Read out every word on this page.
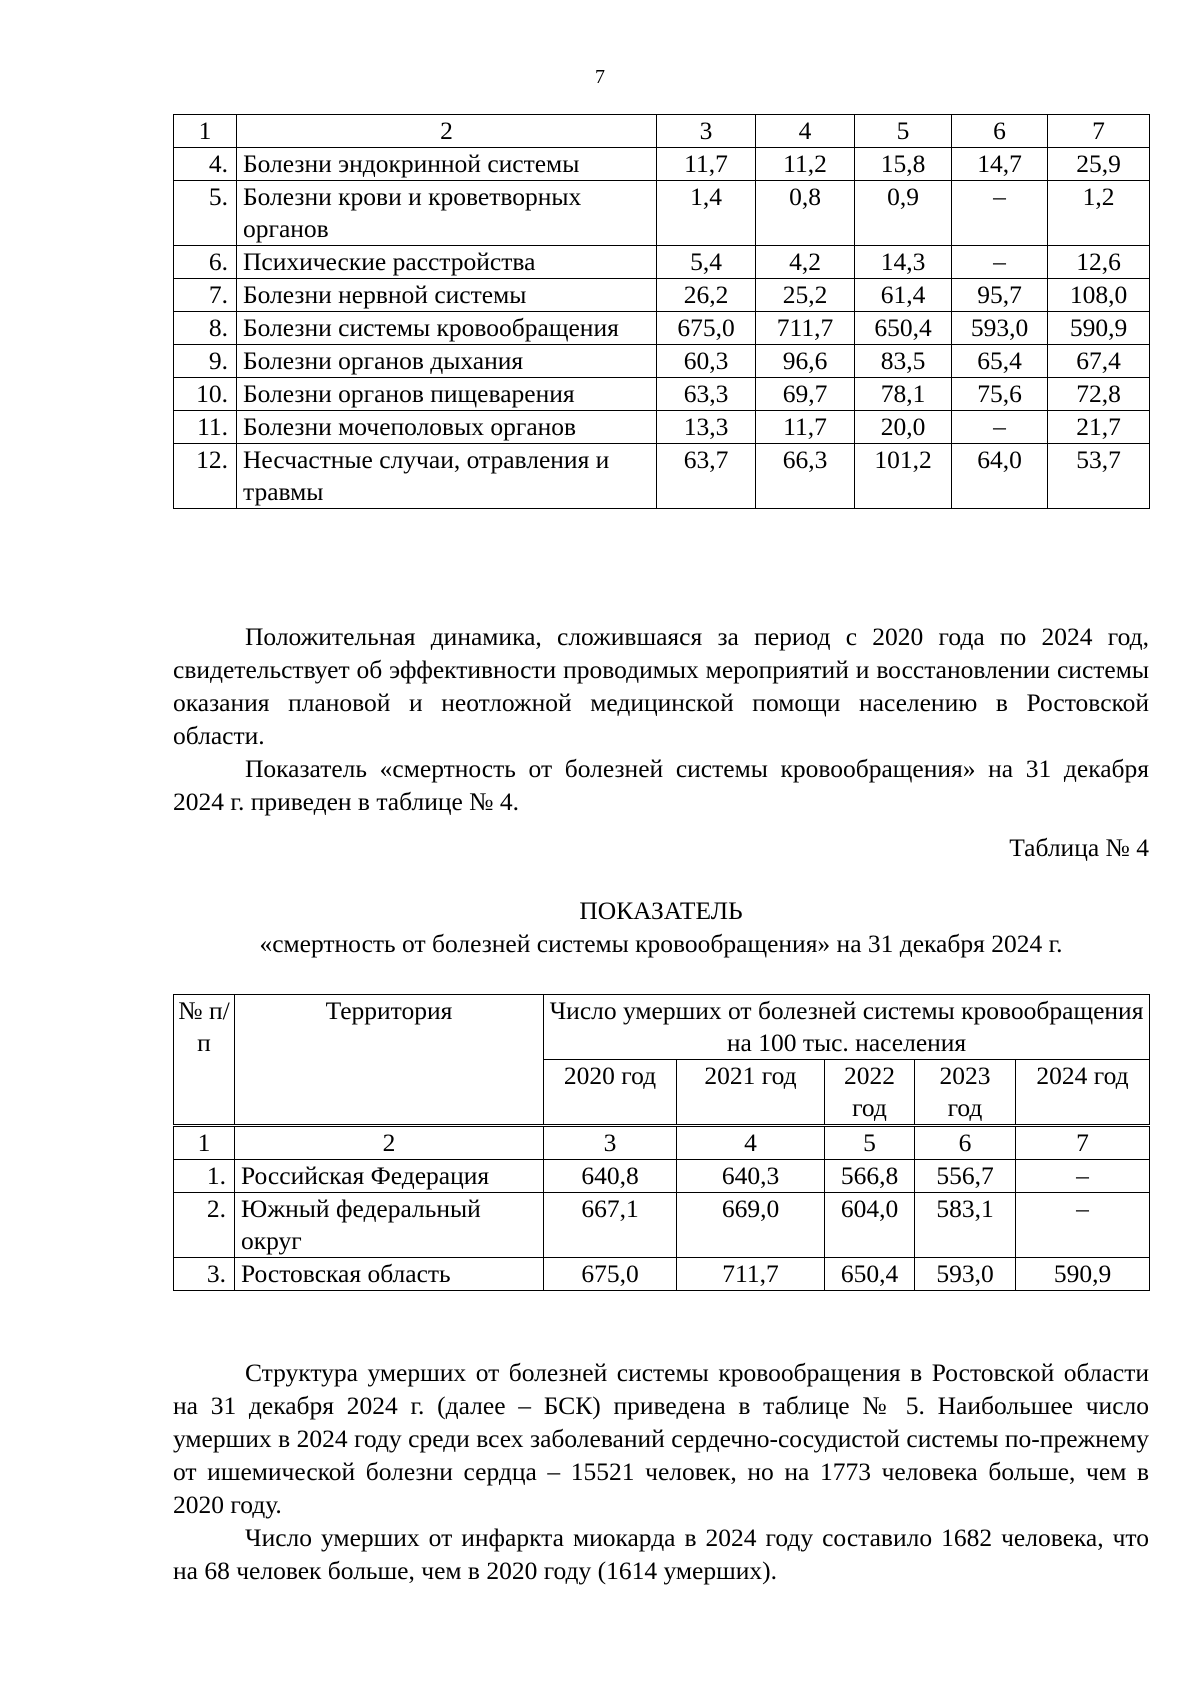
7
1	2	3	4	5	6	7
4.	Болезни эндокринной системы	11,7	11,2	15,8	14,7	25,9
5.	Болезни крови и кроветворных органов	1,4	0,8	0,9	–	1,2
6.	Психические расстройства	5,4	4,2	14,3	–	12,6
7.	Болезни нервной системы	26,2	25,2	61,4	95,7	108,0
8.	Болезни системы кровообращения	675,0	711,7	650,4	593,0	590,9
9.	Болезни органов дыхания	60,3	96,6	83,5	65,4	67,4
10.	Болезни органов пищеварения	63,3	69,7	78,1	75,6	72,8
11.	Болезни мочеполовых органов	13,3	11,7	20,0	–	21,7
12.	Несчастные случаи, отравления и травмы	63,7	66,3	101,2	64,0	53,7

Положительная динамика, сложившаяся за период с 2020 года по 2024 год, свидетельствует об эффективности проводимых мероприятий и восстановлении системы оказания плановой и неотложной медицинской помощи населению в Ростовской области.

Показатель «смертность от болезней системы кровообращения» на 31 декабря 2024 г. приведен в таблице № 4.

Таблица № 4
ПОКАЗАТЕЛЬ
«смертность от болезней системы кровообращения» на 31 декабря 2024 г.
№ п/п	Территория	Число умерших от болезней системы кровообращения на 100 тыс. населения				
		2020 год	2021 год	2022 год	2023 год	2024 год
1	2	3	4	5	6	7
1.	Российская Федерация	640,8	640,3	566,8	556,7	–
2.	Южный федеральный округ	667,1	669,0	604,0	583,1	–
3.	Ростовская область	675,0	711,7	650,4	593,0	590,9

Структура умерших от болезней системы кровообращения в Ростовской области на 31 декабря 2024 г. (далее – БСК) приведена в таблице № 5. Наибольшее число умерших в 2024 году среди всех заболеваний сердечно-сосудистой системы по-прежнему от ишемической болезни сердца – 15521 человек, но на 1773 человека больше, чем в 2020 году.

Число умерших от инфаркта миокарда в 2024 году составило 1682 человека, что на 68 человек больше, чем в 2020 году (1614 умерших).
